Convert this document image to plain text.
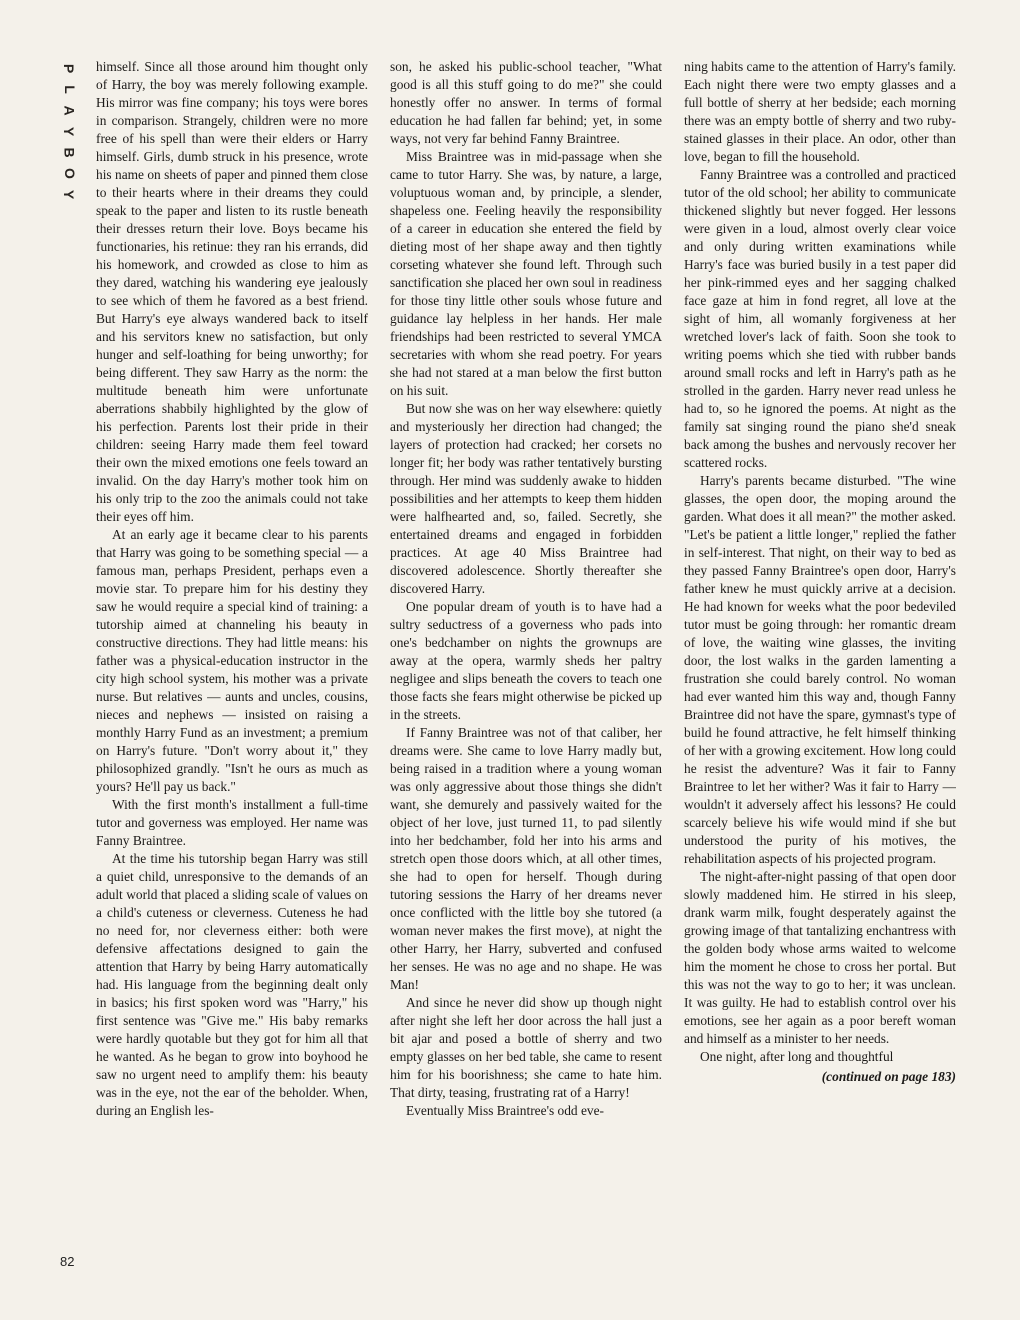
P
L
A
Y
B
O
Y

himself. Since all those around him thought only of Harry, the boy was merely following example. His mirror was fine company; his toys were bores in comparison. Strangely, children were no more free of his spell than were their elders or Harry himself. Girls, dumb struck in his presence, wrote his name on sheets of paper and pinned them close to their hearts where in their dreams they could speak to the paper and listen to its rustle beneath their dresses return their love. Boys became his functionaries, his retinue: they ran his errands, did his homework, and crowded as close to him as they dared, watching his wandering eye jealously to see which of them he favored as a best friend. But Harry's eye always wandered back to itself and his servitors knew no satisfaction, but only hunger and self-loathing for being unworthy; for being different. They saw Harry as the norm: the multitude beneath him were unfortunate aberrations shabbily highlighted by the glow of his perfection. Parents lost their pride in their children: seeing Harry made them feel toward their own the mixed emotions one feels toward an invalid. On the day Harry's mother took him on his only trip to the zoo the animals could not take their eyes off him.

At an early age it became clear to his parents that Harry was going to be something special — a famous man, perhaps President, perhaps even a movie star. To prepare him for his destiny they saw he would require a special kind of training: a tutorship aimed at channeling his beauty in constructive directions. They had little means: his father was a physical-education instructor in the city high school system, his mother was a private nurse. But relatives — aunts and uncles, cousins, nieces and nephews — insisted on raising a monthly Harry Fund as an investment; a premium on Harry's future. "Don't worry about it," they philosophized grandly. "Isn't he ours as much as yours? He'll pay us back."

With the first month's installment a full-time tutor and governess was employed. Her name was Fanny Braintree.

At the time his tutorship began Harry was still a quiet child, unresponsive to the demands of an adult world that placed a sliding scale of values on a child's cuteness or cleverness. Cuteness he had no need for, nor cleverness either: both were defensive affectations designed to gain the attention that Harry by being Harry automatically had. His language from the beginning dealt only in basics; his first spoken word was "Harry," his first sentence was "Give me." His baby remarks were hardly quotable but they got for him all that he wanted. As he began to grow into boyhood he saw no urgent need to amplify them: his beauty was in the eye, not the ear of the beholder. When, during an English les-

son, he asked his public-school teacher, "What good is all this stuff going to do me?" she could honestly offer no answer. In terms of formal education he had fallen far behind; yet, in some ways, not very far behind Fanny Braintree.

Miss Braintree was in mid-passage when she came to tutor Harry. She was, by nature, a large, voluptuous woman and, by principle, a slender, shapeless one. Feeling heavily the responsibility of a career in education she entered the field by dieting most of her shape away and then tightly corseting whatever she found left. Through such sanctification she placed her own soul in readiness for those tiny little other souls whose future and guidance lay helpless in her hands. Her male friendships had been restricted to several YMCA secretaries with whom she read poetry. For years she had not stared at a man below the first button on his suit.

But now she was on her way elsewhere: quietly and mysteriously her direction had changed; the layers of protection had cracked; her corsets no longer fit; her body was rather tentatively bursting through. Her mind was suddenly awake to hidden possibilities and her attempts to keep them hidden were halfhearted and, so, failed. Secretly, she entertained dreams and engaged in forbidden practices. At age 40 Miss Braintree had discovered adolescence. Shortly thereafter she discovered Harry.

One popular dream of youth is to have had a sultry seductress of a governess who pads into one's bedchamber on nights the grownups are away at the opera, warmly sheds her paltry negligee and slips beneath the covers to teach one those facts she fears might otherwise be picked up in the streets.

If Fanny Braintree was not of that caliber, her dreams were. She came to love Harry madly but, being raised in a tradition where a young woman was only aggressive about those things she didn't want, she demurely and passively waited for the object of her love, just turned 11, to pad silently into her bedchamber, fold her into his arms and stretch open those doors which, at all other times, she had to open for herself. Though during tutoring sessions the Harry of her dreams never once conflicted with the little boy she tutored (a woman never makes the first move), at night the other Harry, her Harry, subverted and confused her senses. He was no age and no shape. He was Man!

And since he never did show up though night after night she left her door across the hall just a bit ajar and posed a bottle of sherry and two empty glasses on her bed table, she came to resent him for his boorishness; she came to hate him. That dirty, teasing, frustrating rat of a Harry!

Eventually Miss Braintree's odd eve-

ning habits came to the attention of Harry's family. Each night there were two empty glasses and a full bottle of sherry at her bedside; each morning there was an empty bottle of sherry and two ruby-stained glasses in their place. An odor, other than love, began to fill the household.

Fanny Braintree was a controlled and practiced tutor of the old school; her ability to communicate thickened slightly but never fogged. Her lessons were given in a loud, almost overly clear voice and only during written examinations while Harry's face was buried busily in a test paper did her pink-rimmed eyes and her sagging chalked face gaze at him in fond regret, all love at the sight of him, all womanly forgiveness at her wretched lover's lack of faith. Soon she took to writing poems which she tied with rubber bands around small rocks and left in Harry's path as he strolled in the garden. Harry never read unless he had to, so he ignored the poems. At night as the family sat singing round the piano she'd sneak back among the bushes and nervously recover her scattered rocks.

Harry's parents became disturbed. "The wine glasses, the open door, the moping around the garden. What does it all mean?" the mother asked. "Let's be patient a little longer," replied the father in self-interest. That night, on their way to bed as they passed Fanny Braintree's open door, Harry's father knew he must quickly arrive at a decision. He had known for weeks what the poor bedeviled tutor must be going through: her romantic dream of love, the waiting wine glasses, the inviting door, the lost walks in the garden lamenting a frustration she could barely control. No woman had ever wanted him this way and, though Fanny Braintree did not have the spare, gymnast's type of build he found attractive, he felt himself thinking of her with a growing excitement. How long could he resist the adventure? Was it fair to Fanny Braintree to let her wither? Was it fair to Harry — wouldn't it adversely affect his lessons? He could scarcely believe his wife would mind if she but understood the purity of his motives, the rehabilitation aspects of his projected program.

The night-after-night passing of that open door slowly maddened him. He stirred in his sleep, drank warm milk, fought desperately against the growing image of that tantalizing enchantress with the golden body whose arms waited to welcome him the moment he chose to cross her portal. But this was not the way to go to her; it was unclean. It was guilty. He had to establish control over his emotions, see her again as a poor bereft woman and himself as a minister to her needs.

One night, after long and thoughtful

(continued on page 183)
82
